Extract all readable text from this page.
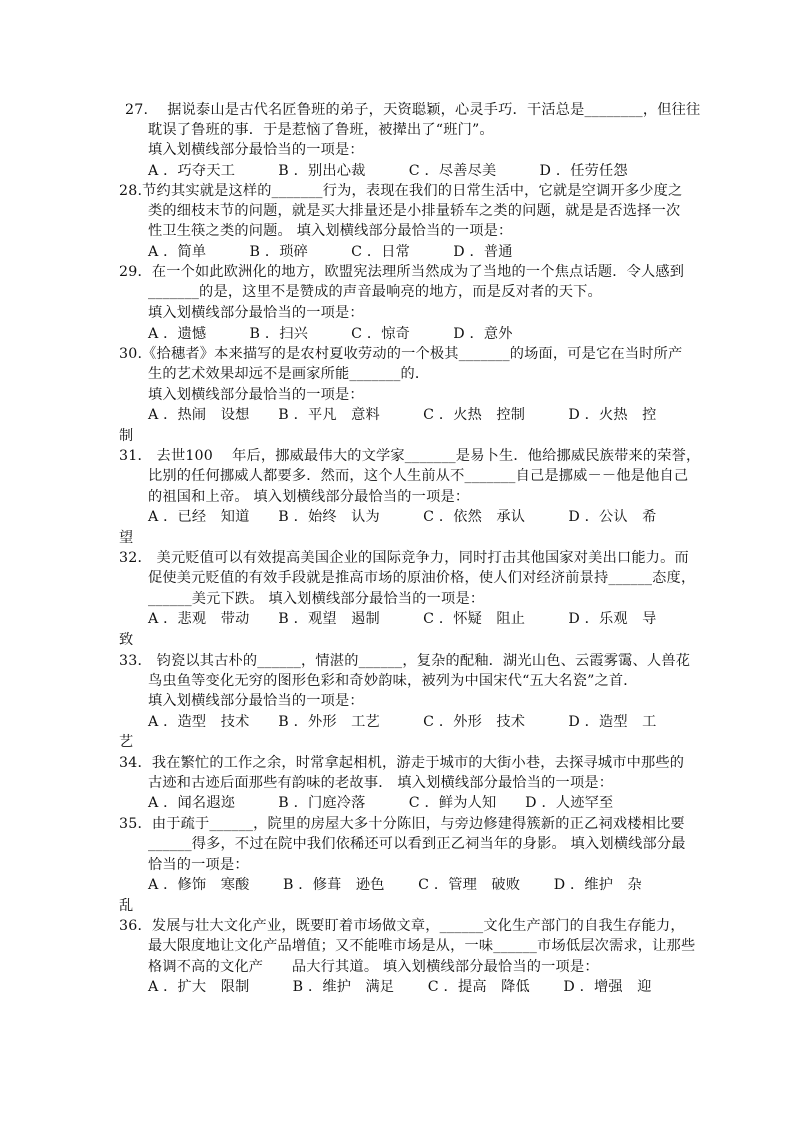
27.　 据说泰山是古代名匠鲁班的弟子，天资聪颖，心灵手巧．干活总是________，但往往
耽误了鲁班的事．于是惹恼了鲁班，被撵出了“班门”。
填入划横线部分最恰当的一项是：
A ．巧夺天工　　　B ．别出心裁　　　C ．尽善尽美　　　D ．任劳任怨
28.节约其实就是这样的_______行为，表现在我们的日常生活中，它就是空调开多少度之
类的细枝末节的问题，就是买大排量还是小排量轿车之类的问题，就是是否选择一次
性卫生筷之类的问题。 填入划横线部分最恰当的一项是：
A ．简单　　　B ．琐碎　　　C ．日常　　　D ．普通
29．在一个如此欧洲化的地方，欧盟宪法理所当然成为了当地的一个焦点话题．令人感到
_______的是，这里不是赞成的声音最响亮的地方，而是反对者的天下。
填入划横线部分最恰当的一项是：
A ．遗憾　　　B ．扫兴　　　C ．惊奇　　　D ．意外
30.《拾穗者》本来描写的是农村夏收劳动的一个极其_______的场面，可是它在当时所产
生的艺术效果却远不是画家所能_______的．
填入划横线部分最恰当的一项是：
A ．热闹　设想　　B ．平凡　意料　　　C ．火热　控制　　　D ．火热　控
制
31． 去世100　 年后，挪威最伟大的文学家_______是易卜生．他给挪威民族带来的荣誉，
比别的任何挪威人都要多．然而，这个人生前从不_______自己是挪威－－他是他自己
的祖国和上帝。 填入划横线部分最恰当的一项是：
A ．已经　知道　　B ．始终　认为　　　C ．依然　承认　　　D ．公认　希
望
32． 美元贬值可以有效提高美国企业的国际竞争力，同时打击其他国家对美出口能力。而
促使美元贬值的有效手段就是推高市场的原油价格，使人们对经济前景持______态度，
______美元下跌。 填入划横线部分最恰当的一项是：
A ．悲观　带动　　B ．观望　遏制　　　C ．怀疑　阻止　　　D ．乐观　导
致
33． 钧瓷以其古朴的______，情湛的______，复杂的配釉．湖光山色、云霞雾霭、人兽花
鸟虫鱼等变化无穷的图形色彩和奇妙韵味，被列为中国宋代“五大名瓷”之首．
填入划横线部分最恰当的一项是：
A ．造型　技术　　B ．外形　工艺　　　C ．外形　技术　　　D ．造型　工
艺
34．我在繁忙的工作之余，时常拿起相机，游走于城市的大街小巷，去探寻城市中那些的
古迹和古迹后面那些有韵味的老故事． 填入划横线部分最恰当的一项是：
A ．闻名遐迩　　　B ．门庭冷落　　　C ．鲜为人知　　D ．人迹罕至
35．由于疏于______，院里的房屋大多十分陈旧，与旁边修建得簇新的正乙祠戏楼相比要
______得多，不过在院中我们依稀还可以看到正乙祠当年的身影。 填入划横线部分最
恰当的一项是：
A ．修饰　寒酸　　 B ．修葺　逊色　　 C ．管理　破败　　 D ．维护　杂
乱
36．发展与壮大文化产业，既要盯着市场做文章，______文化生产部门的自我生存能力，
最大限度地让文化产品增值；又不能唯市场是从，一味______市场低层次需求，让那些
格调不高的文化产　　品大行其道。 填入划横线部分最恰当的一项是：
A ．扩大　限制　　　B ．维护　满足　　 C ．提高　降低　　 D ．增强　迎
